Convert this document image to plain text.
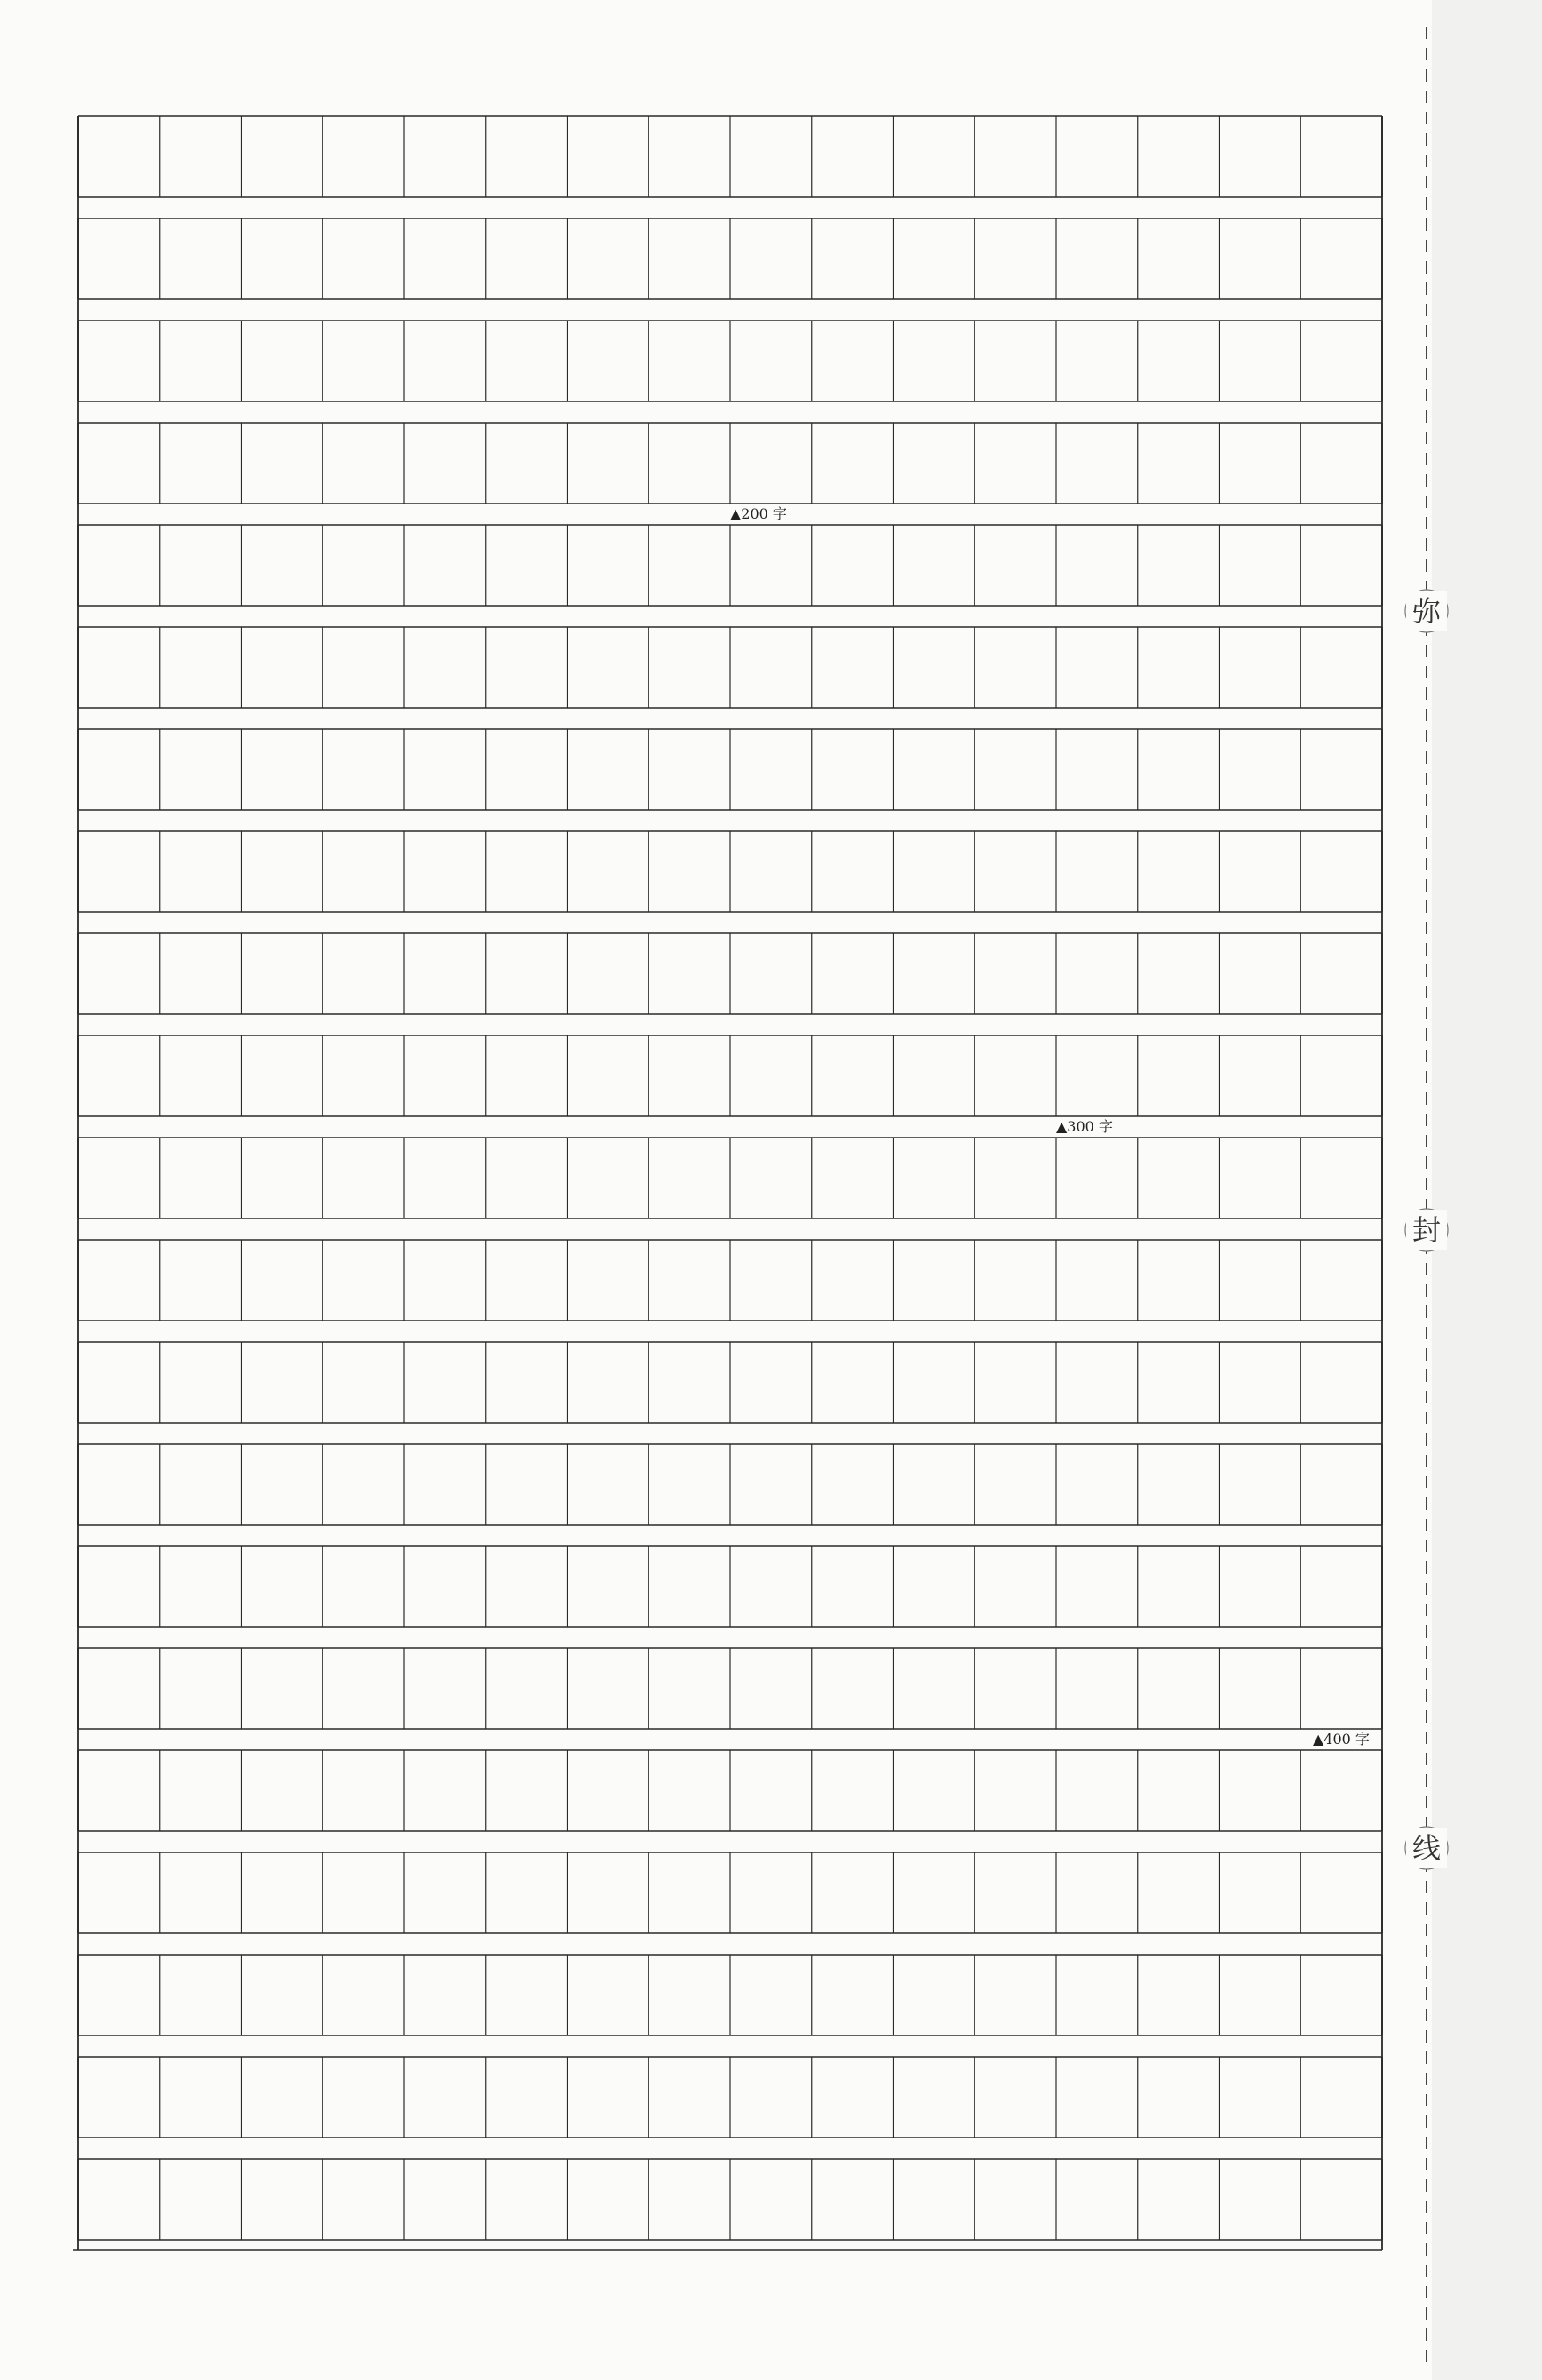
▲200 字
▲300 字
▲400 字
弥
封
线
